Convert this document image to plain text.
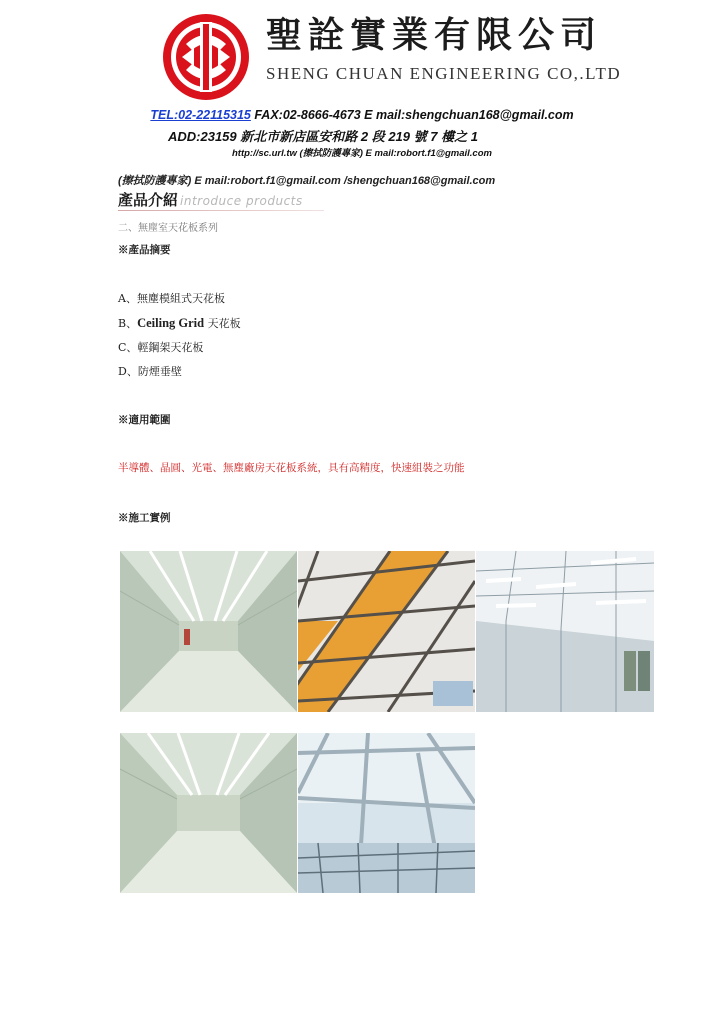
聖詮實業有限公司
SHENG CHUAN ENGINEERING CO,.LTD
TEL:02-22115315 FAX:02-8666-4673 E mail:shengchuan168@gmail.com
ADD:23159 新北市新店區安和路 2 段 219 號 7 樓之 1
http://sc.url.tw (擦拭防護專家) E mail:robort.f1@gmail.com
(擦拭防護專家) E mail:robort.f1@gmail.com /shengchuan168@gmail.com
產品介紹 introduce products
二、無塵室天花板系列
※產品摘要
A、無塵模組式天花板
B、Ceiling Grid 天花板
C、輕鋼架天花板
D、防煙垂壁
※適用範圍
半導體、晶圓、光電、無塵廠房天花板系統，具有高精度，快速組裝之功能
※施工實例
